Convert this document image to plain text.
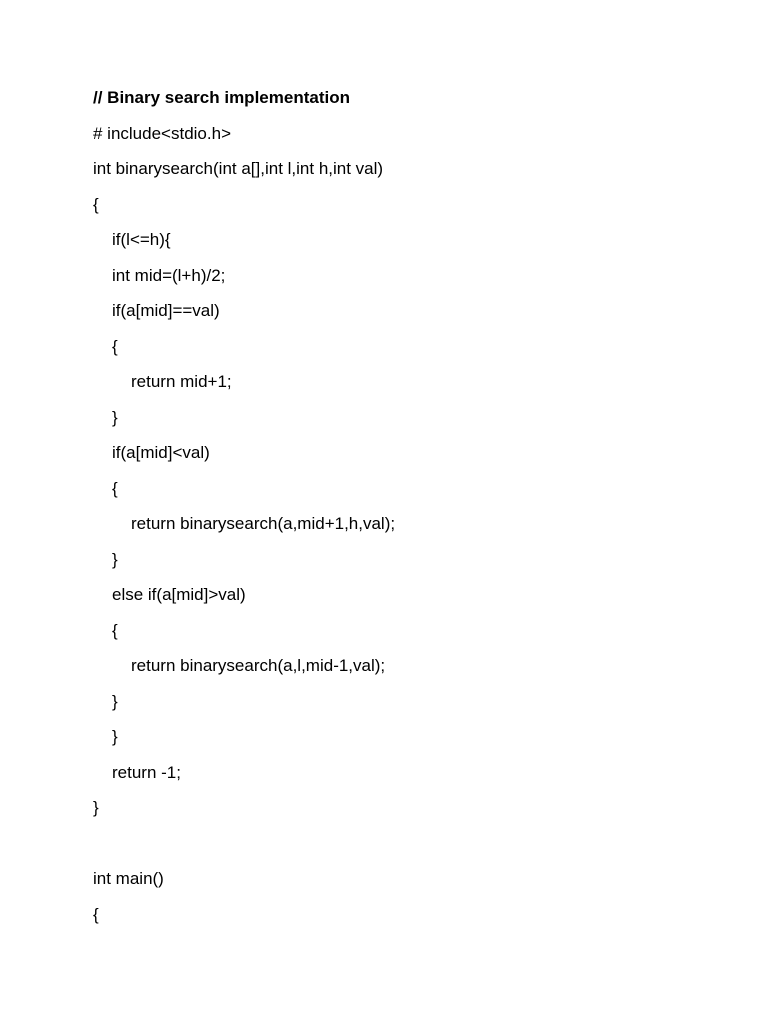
// Binary search implementation
# include<stdio.h>
int binarysearch(int a[],int l,int h,int val)
{
if(l<=h){
int mid=(l+h)/2;
if(a[mid]==val)
{
return mid+1;
}
if(a[mid]<val)
{
return binarysearch(a,mid+1,h,val);
}
else if(a[mid]>val)
{
return binarysearch(a,l,mid-1,val);
}
}
return -1;
}
int main()
{
